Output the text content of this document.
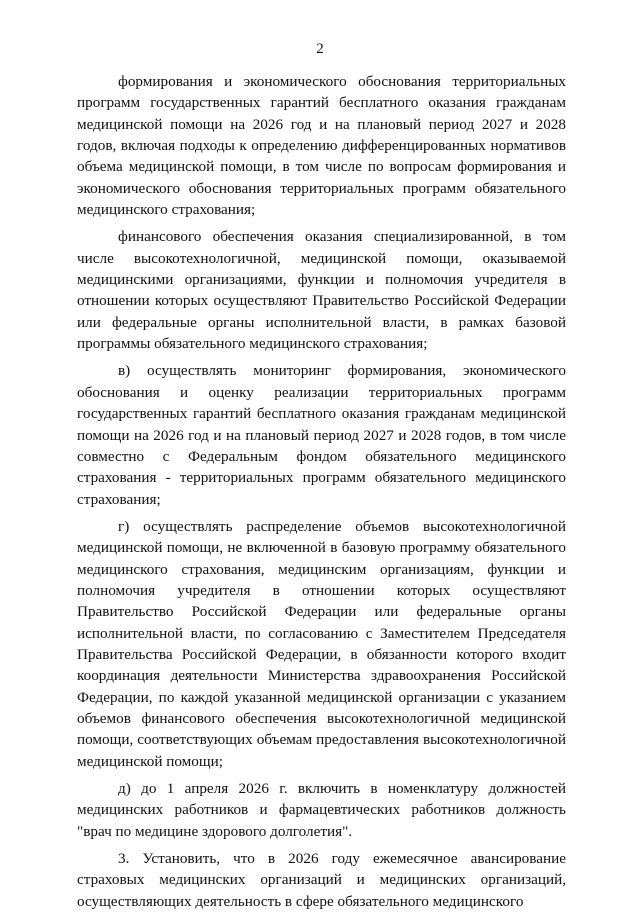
2

формирования и экономического обоснования территориальных программ государственных гарантий бесплатного оказания гражданам медицинской помощи на 2026 год и на плановый период 2027 и 2028 годов, включая подходы к определению дифференцированных нормативов объема медицинской помощи, в том числе по вопросам формирования и экономического обоснования территориальных программ обязательного медицинского страхования;

финансового обеспечения оказания специализированной, в том числе высокотехнологичной, медицинской помощи, оказываемой медицинскими организациями, функции и полномочия учредителя в отношении которых осуществляют Правительство Российской Федерации или федеральные органы исполнительной власти, в рамках базовой программы обязательного медицинского страхования;

в) осуществлять мониторинг формирования, экономического обоснования и оценку реализации территориальных программ государственных гарантий бесплатного оказания гражданам медицинской помощи на 2026 год и на плановый период 2027 и 2028 годов, в том числе совместно с Федеральным фондом обязательного медицинского страхования - территориальных программ обязательного медицинского страхования;

г) осуществлять распределение объемов высокотехнологичной медицинской помощи, не включенной в базовую программу обязательного медицинского страхования, медицинским организациям, функции и полномочия учредителя в отношении которых осуществляют Правительство Российской Федерации или федеральные органы исполнительной власти, по согласованию с Заместителем Председателя Правительства Российской Федерации, в обязанности которого входит координация деятельности Министерства здравоохранения Российской Федерации, по каждой указанной медицинской организации с указанием объемов финансового обеспечения высокотехнологичной медицинской помощи, соответствующих объемам предоставления высокотехнологичной медицинской помощи;

д) до 1 апреля 2026 г. включить в номенклатуру должностей медицинских работников и фармацевтических работников должность "врач по медицине здорового долголетия".

3. Установить, что в 2026 году ежемесячное авансирование страховых медицинских организаций и медицинских организаций, осуществляющих деятельность в сфере обязательного медицинского
